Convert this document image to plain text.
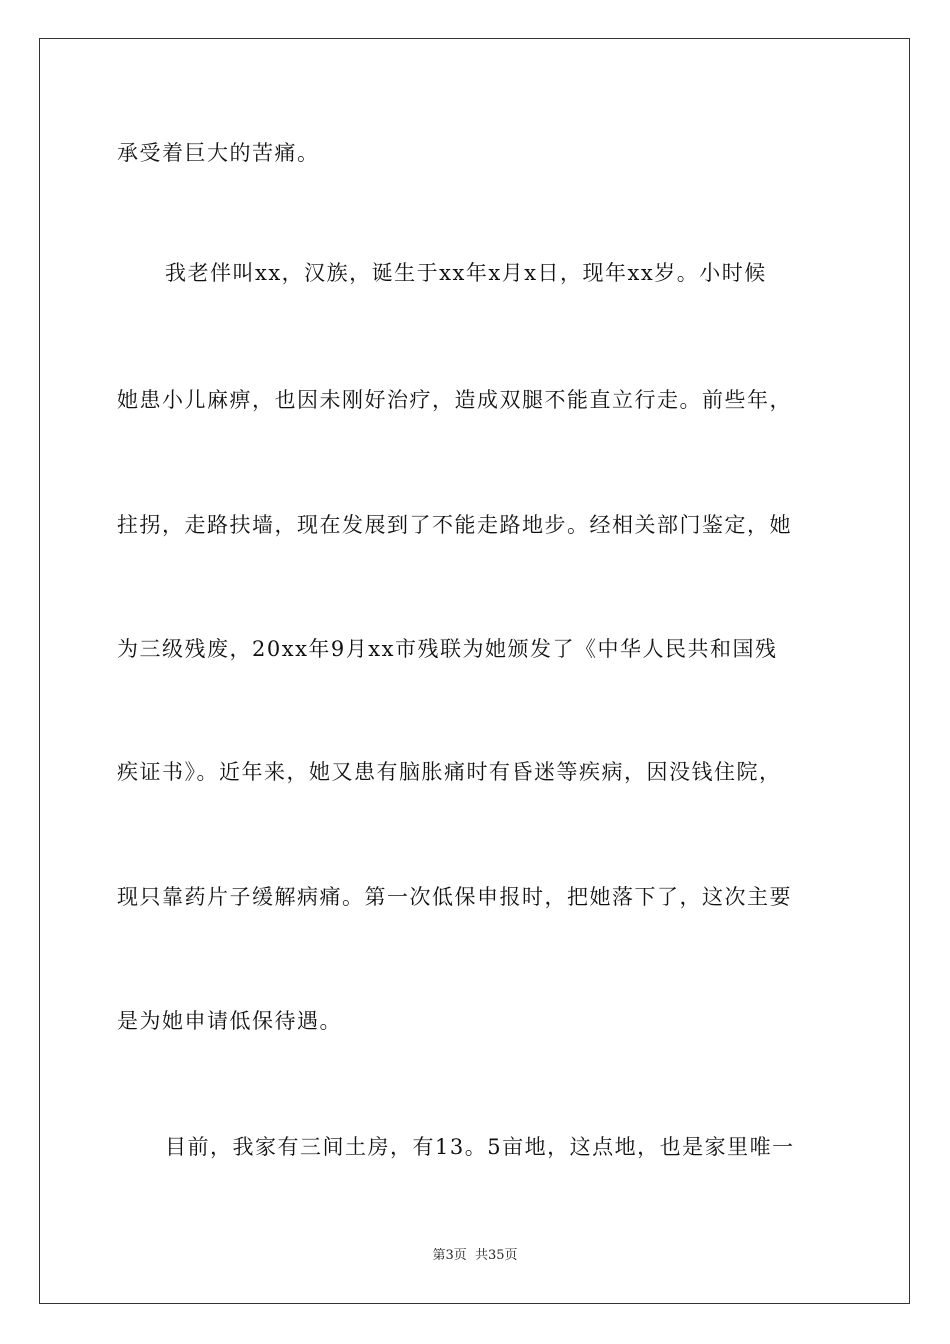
承受着巨大的苦痛。
我老伴叫xx，汉族，诞生于xx年x月x日，现年xx岁。小时候
她患小儿麻痹，也因未刚好治疗，造成双腿不能直立行走。前些年，
拄拐，走路扶墙，现在发展到了不能走路地步。经相关部门鉴定，她
为三级残废，20xx年9月xx市残联为她颁发了《中华人民共和国残
疾证书》。近年来，她又患有脑胀痛时有昏迷等疾病，因没钱住院，
现只靠药片子缓解病痛。第一次低保申报时，把她落下了，这次主要
是为她申请低保待遇。
目前，我家有三间土房，有13。5亩地，这点地，也是家里唯一
第3页 共35页
